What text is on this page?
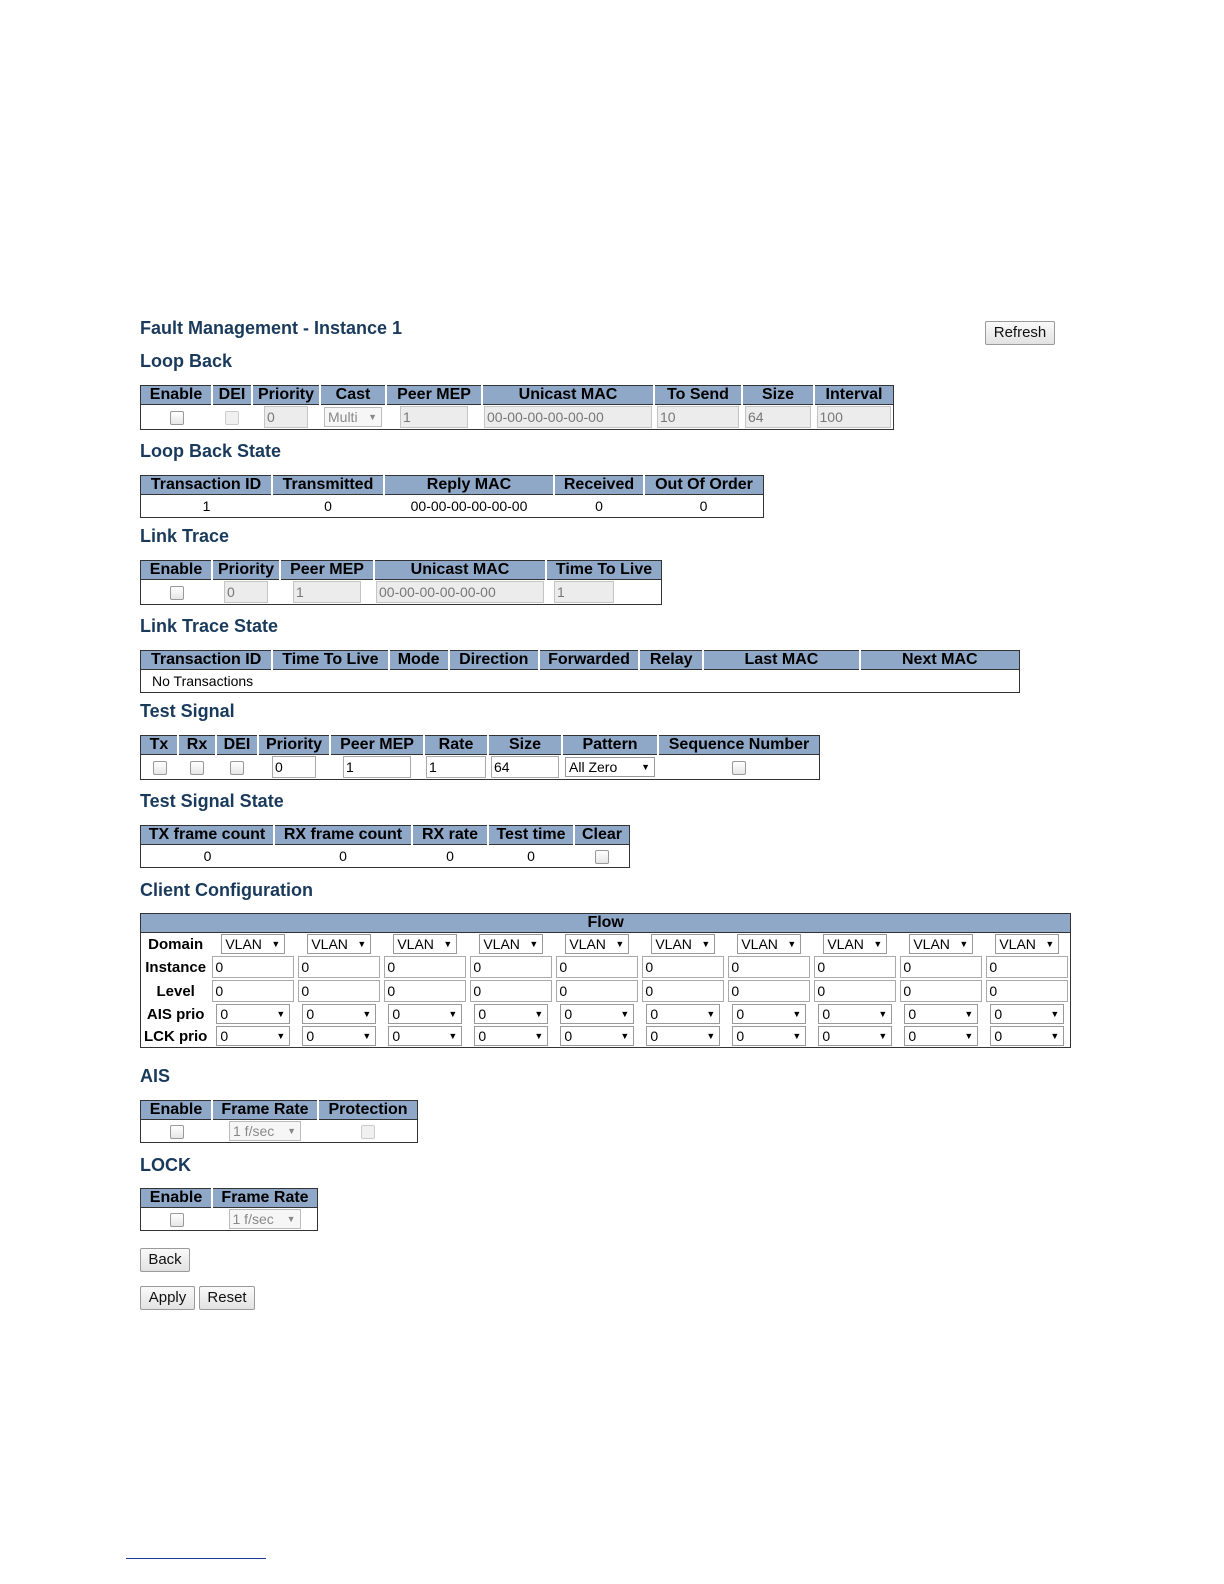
Fault Management - Instance 1	Refresh
Loop Back
Enable	DEI	Priority	Cast	Peer MEP	Unicast MAC	To Send	Size	Interval
		0	Multi ▼	1	00-00-00-00-00-00	10	64	100
Loop Back State
Transaction ID	Transmitted	Reply MAC	Received	Out Of Order
1	0	00-00-00-00-00-00	0	0
Link Trace
Enable	Priority	Peer MEP	Unicast MAC	Time To Live
	0	1	00-00-00-00-00-00	1
Link Trace State
Transaction ID	Time To Live	Mode	Direction	Forwarded	Relay	Last MAC	Next MAC
No Transactions
Test Signal
Tx	Rx	DEI	Priority	Peer MEP	Rate	Size	Pattern	Sequence Number
			0	1	1	64	All Zero ▼	

Test Signal State
TX frame count	RX frame count	RX rate	Test time	Clear
0	0	0	0	
Client Configuration
Flow										
Domain	VLAN ▼	VLAN ▼	VLAN ▼	VLAN ▼	VLAN ▼	VLAN ▼	VLAN ▼	VLAN ▼	VLAN ▼	VLAN ▼

Instance	0	0	0	0	0	0	0	0	0	0
Level	0	0	0	0	0	0	0	0	0	0
AIS prio	0 ▼	0 ▼	0 ▼	0 ▼	0 ▼	0 ▼	0 ▼	0 ▼	0 ▼	0 ▼

LCK prio	0 ▼	0 ▼	0 ▼	0 ▼	0 ▼	0 ▼	0 ▼	0 ▼	0 ▼	0 ▼
AIS
Enable	Frame Rate	Protection
	1 f/sec ▼	

LOCK
Enable	Frame Rate
	1 f/sec ▼
Back
Apply	Reset
